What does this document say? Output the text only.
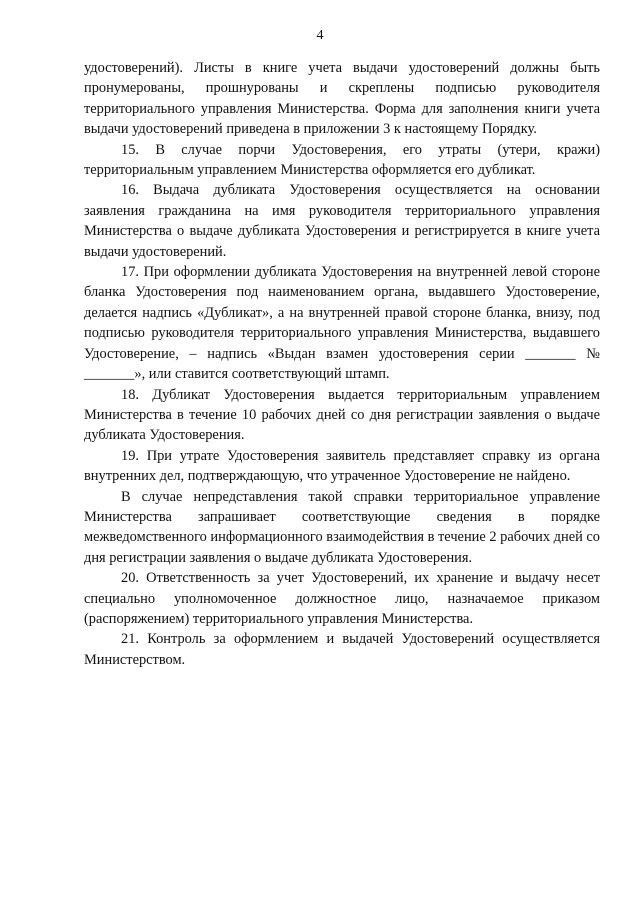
4

удостоверений). Листы в книге учета выдачи удостоверений должны быть пронумерованы, прошнурованы и скреплены подписью руководителя территориального управления Министерства. Форма для заполнения книги учета выдачи удостоверений приведена в приложении 3 к настоящему Порядку.

15. В случае порчи Удостоверения, его утраты (утери, кражи) территориальным управлением Министерства оформляется его дубликат.

16. Выдача дубликата Удостоверения осуществляется на основании заявления гражданина на имя руководителя территориального управления Министерства о выдаче дубликата Удостоверения и регистрируется в книге учета выдачи удостоверений.

17. При оформлении дубликата Удостоверения на внутренней левой стороне бланка Удостоверения под наименованием органа, выдавшего Удостоверение, делается надпись «Дубликат», а на внутренней правой стороне бланка, внизу, под подписью руководителя территориального управления Министерства, выдавшего Удостоверение, – надпись «Выдан взамен удостоверения серии _______ № _______», или ставится соответствующий штамп.

18. Дубликат Удостоверения выдается территориальным управлением Министерства в течение 10 рабочих дней со дня регистрации заявления о выдаче дубликата Удостоверения.

19. При утрате Удостоверения заявитель представляет справку из органа внутренних дел, подтверждающую, что утраченное Удостоверение не найдено.

В случае непредставления такой справки территориальное управление Министерства запрашивает соответствующие сведения в порядке межведомственного информационного взаимодействия в течение 2 рабочих дней со дня регистрации заявления о выдаче дубликата Удостоверения.

20. Ответственность за учет Удостоверений, их хранение и выдачу несет специально уполномоченное должностное лицо, назначаемое приказом (распоряжением) территориального управления Министерства.

21. Контроль за оформлением и выдачей Удостоверений осуществляется Министерством.
